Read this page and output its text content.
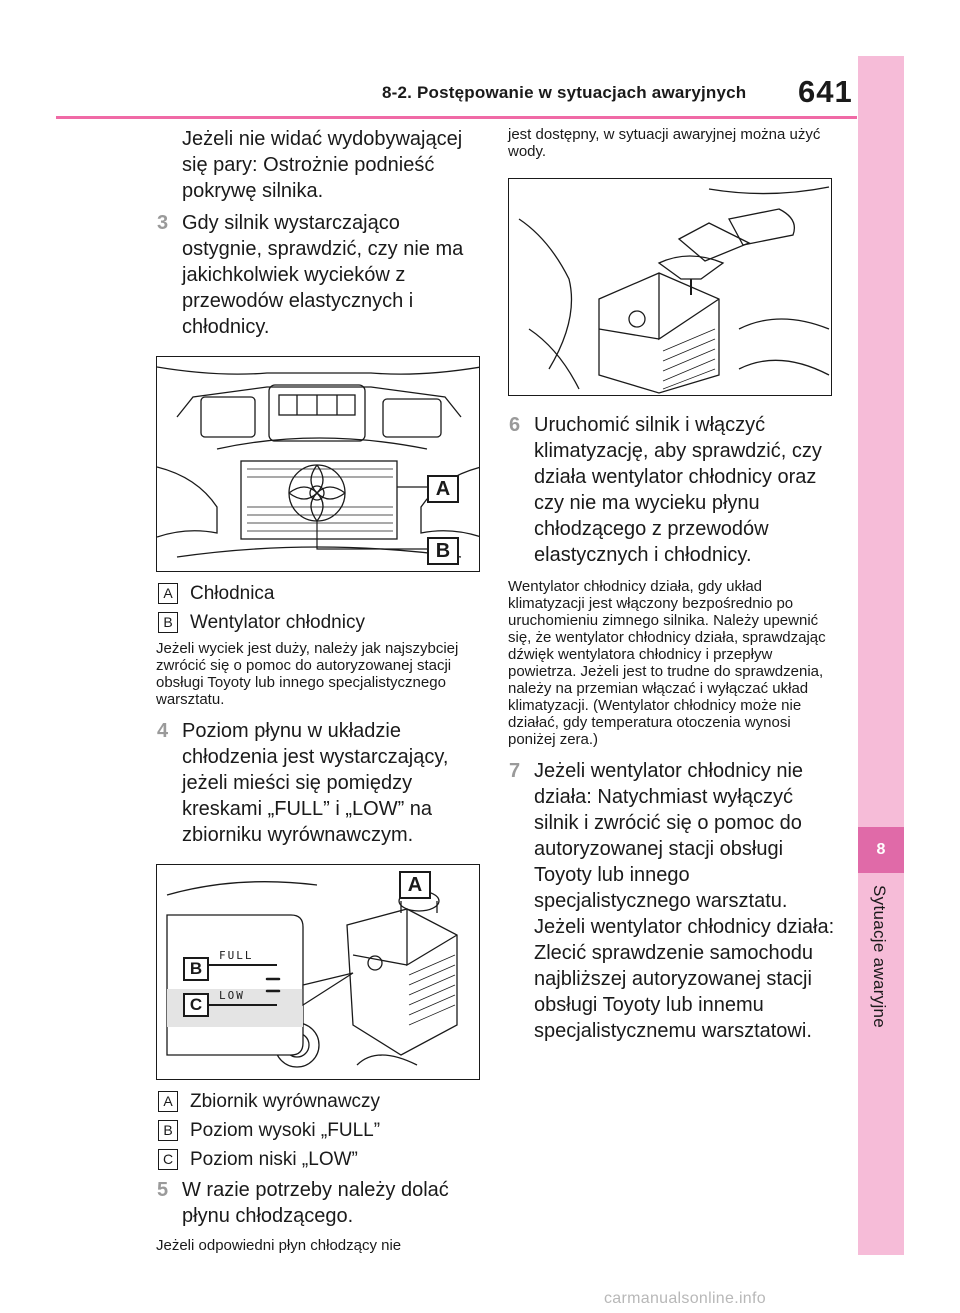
8-2. Postępowanie w sytuacjach awaryjnych 641
8
Sytuacje awaryjne
Jeżeli nie widać wydobywającej się pary: Ostrożnie podnieść pokrywę silnika.
3 Gdy silnik wystarczająco ostygnie, sprawdzić, czy nie ma jakichkolwiek wycieków z przewodów elastycznych i chłodnicy.
A
B
A Chłodnica
B Wentylator chłodnicy
Jeżeli wyciek jest duży, należy jak najszybciej zwrócić się o pomoc do autoryzowanej stacji obsługi Toyoty lub innego specjalistycznego warsztatu.
4 Poziom płynu w układzie chłodzenia jest wystarczający, jeżeli mieści się pomiędzy kreskami „FULL” i „LOW” na zbiorniku wyrównawczym.
FULL
LOW
A
B
C
A Zbiornik wyrównawczy
B Poziom wysoki „FULL”
C Poziom niski „LOW”
5 W razie potrzeby należy dolać płynu chłodzącego.
Jeżeli odpowiedni płyn chłodzący nie
jest dostępny, w sytuacji awaryjnej można użyć wody.
6 Uruchomić silnik i włączyć klimatyzację, aby sprawdzić, czy działa wentylator chłodnicy oraz czy nie ma wycieku płynu chłodzącego z przewodów elastycznych i chłodnicy.
Wentylator chłodnicy działa, gdy układ klimatyzacji jest włączony bezpośrednio po uruchomieniu zimnego silnika. Należy upewnić się, że wentylator chłodnicy działa, sprawdzając dźwięk wentylatora chłodnicy i przepływ powietrza. Jeżeli jest to trudne do sprawdzenia, należy na przemian włączać i wyłączać układ klimatyzacji. (Wentylator chłodnicy może nie działać, gdy temperatura otoczenia wynosi poniżej zera.)
7 Jeżeli wentylator chłodnicy nie działa: Natychmiast wyłączyć silnik i zwrócić się o pomoc do autoryzowanej stacji obsługi Toyoty lub innego specjalistycznego warsztatu.
Jeżeli wentylator chłodnicy działa: Zlecić sprawdzenie samochodu najbliższej autoryzowanej stacji obsługi Toyoty lub innemu specjalistycznemu warsztatowi.
carmanualsonline.info
